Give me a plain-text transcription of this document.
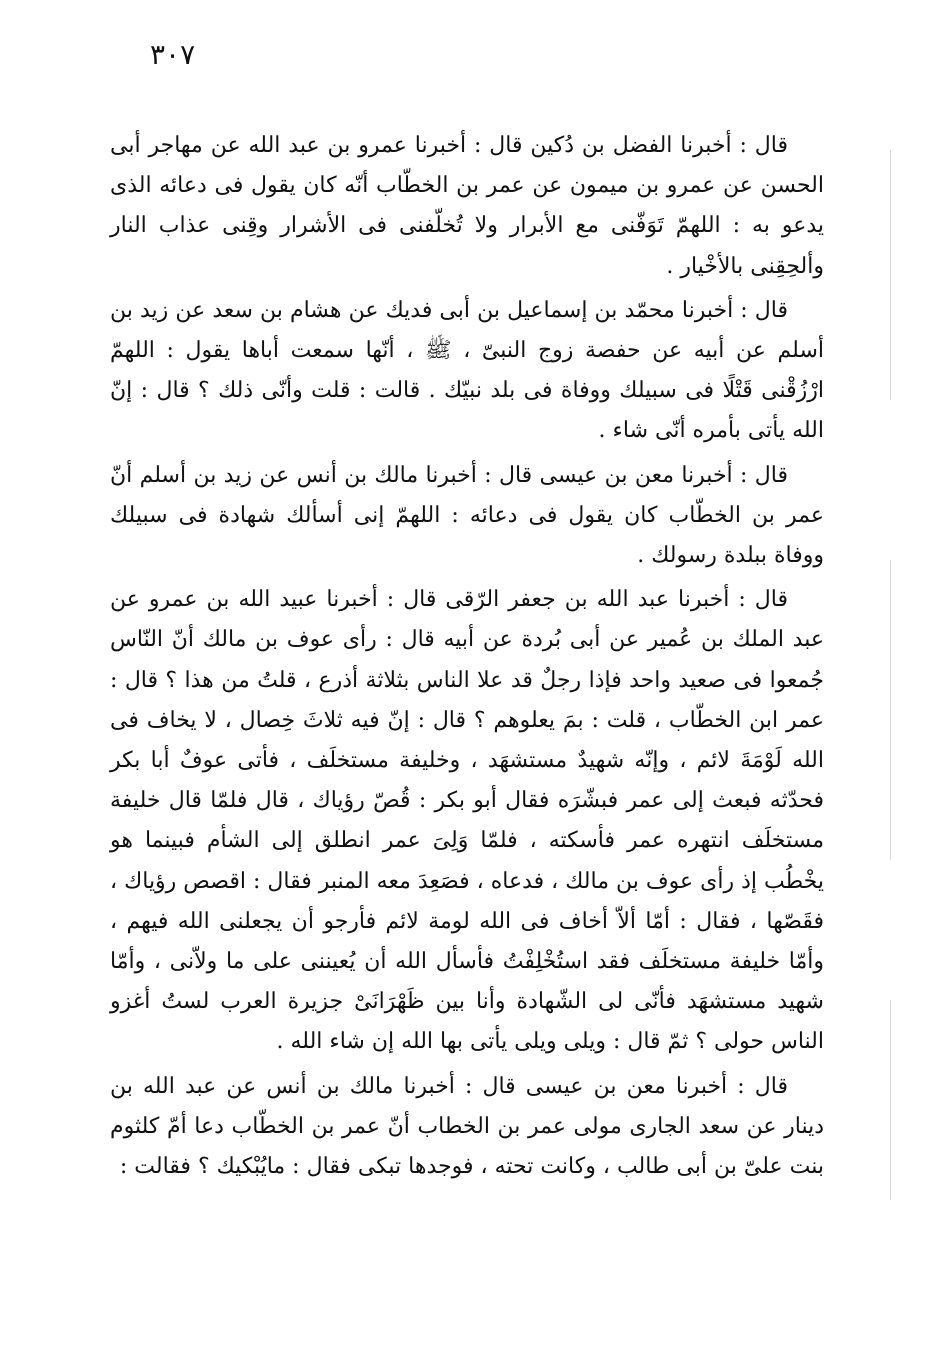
٣٠٧

قال : أخبرنا الفضل بن دُكين قال : أخبرنا عمرو بن عبد الله عن مهاجر أبى الحسن عن عمرو بن ميمون عن عمر بن الخطّاب أنّه كان يقول فى دعائه الذى يدعو به : اللهمّ تَوَفّنى مع الأبرار ولا تُخلّفنى فى الأشرار وقِنى عذاب النار وألحِقِنى بالأخْيار .

قال : أخبرنا محمّد بن إسماعيل بن أبى فديك عن هشام بن سعد عن زيد بن أسلم عن أبيه عن حفصة زوج النبىّ ، ﷺ ، أنّها سمعت أباها يقول : اللهمّ ارْزُقْنى قَتْلًا فى سبيلك ووفاة فى بلد نبيّك . قالت : قلت وأنّى ذلك ؟ قال : إنّ الله يأتى بأمره أنّى شاء .

قال : أخبرنا معن بن عيسى قال : أخبرنا مالك بن أنس عن زيد بن أسلم أنّ عمر بن الخطّاب كان يقول فى دعائه : اللهمّ إنى أسألك شهادة فى سبيلك ووفاة ببلدة رسولك .

قال : أخبرنا عبد الله بن جعفر الرّقى قال : أخبرنا عبيد الله بن عمرو عن عبد الملك بن عُمير عن أبى بُردة عن أبيه قال : رأى عوف بن مالك أنّ النّاس جُمعوا فى صعيد واحد فإذا رجلٌ قد علا الناس بثلاثة أذرع ، قلتُ من هذا ؟ قال : عمر ابن الخطّاب ، قلت : بمَ يعلوهم ؟ قال : إنّ فيه ثلاثَ خِصال ، لا يخاف فى الله لَوْمَةَ لائم ، وإنّه شهيدٌ مستشهَد ، وخليفة مستخلَف ، فأتى عوفٌ أبا بكر فحدّثه فبعث إلى عمر فبشّرَه فقال أبو بكر : قُصّ رؤياك ، قال فلمّا قال خليفة مستخلَف انتهره عمر فأسكته ، فلمّا وَلِىَ عمر انطلق إلى الشأم فبينما هو يخْطُب إذ رأى عوف بن مالك ، فدعاه ، فصَعِدَ معه المنبر فقال : اقصص رؤياك ، فقَصّها ، فقال : أمّا ألاّ أخاف فى الله لومة لائم فأرجو أن يجعلنى الله فيهم ، وأمّا خليفة مستخلَف فقد استُخْلِفْتُ فأسأل الله أن يُعيننى على ما ولاّنى ، وأمّا شهيد مستشهَد فأنّى لى الشّهادة وأنا بين ظَهْرَانَىْ جزيرة العرب لستُ أغزو الناس حولى ؟ ثمّ قال : ويلى ويلى يأتى بها الله إن شاء الله .

قال : أخبرنا معن بن عيسى قال : أخبرنا مالك بن أنس عن عبد الله بن دينار عن سعد الجارى مولى عمر بن الخطاب أنّ عمر بن الخطّاب دعا أمّ كلثوم بنت علىّ بن أبى طالب ، وكانت تحته ، فوجدها تبكى فقال : مايُبْكيك ؟ فقالت :
